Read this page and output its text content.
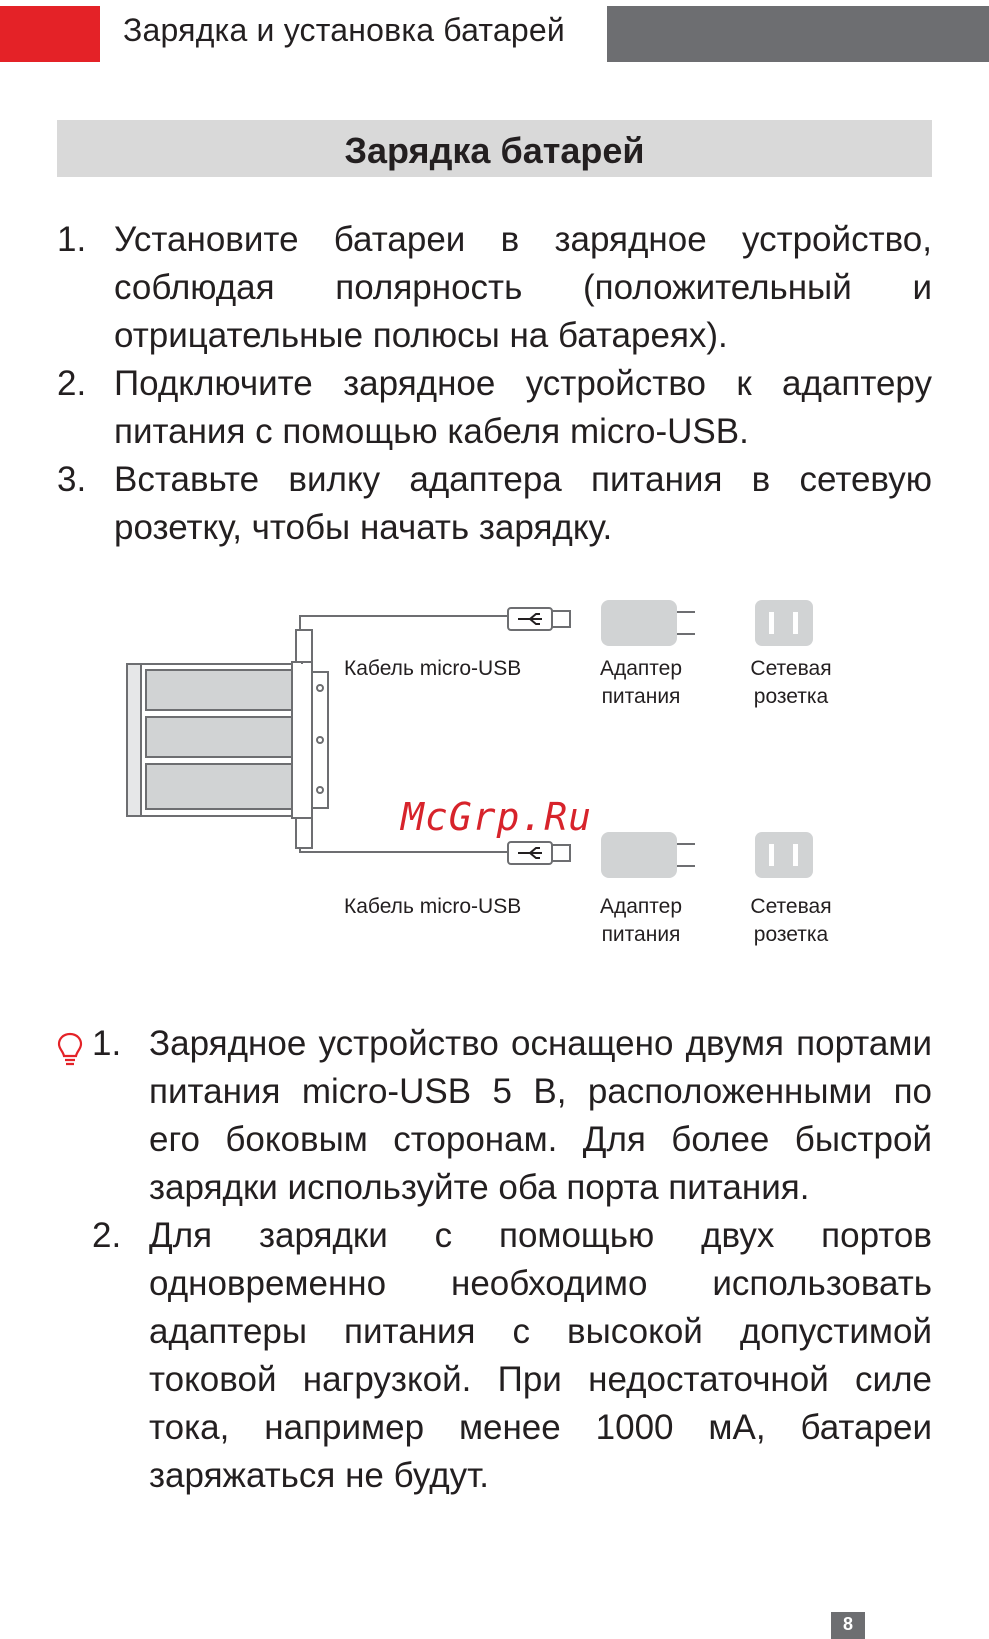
Зарядка и установка батарей
Зарядка батарей
1. Установите батареи в зарядное устройство, соблюдая полярность (положительный и отрицательные полюсы на батареях).
2. Подключите зарядное устройство к адаптеру питания с помощью кабеля micro-USB.
3. Вставьте вилку адаптера питания в сетевую розетку, чтобы начать зарядку.
Кабель micro-USB	Адаптер
питания
Сетевая
розетка
Кабель micro-USB	Адаптер
питания
Сетевая
розетка
McGrp.Ru
1. Зарядное устройство оснащено двумя портами питания micro-USB 5 В, расположенными по его боковым сторонам. Для более быстрой зарядки используйте оба порта питания.
2. Для зарядки с помощью двух портов одновременно необходимо использовать адаптеры питания с высокой допустимой токовой нагрузкой. При недостаточной силе тока, например менее 1000 мА, батареи заряжаться не будут.
8
